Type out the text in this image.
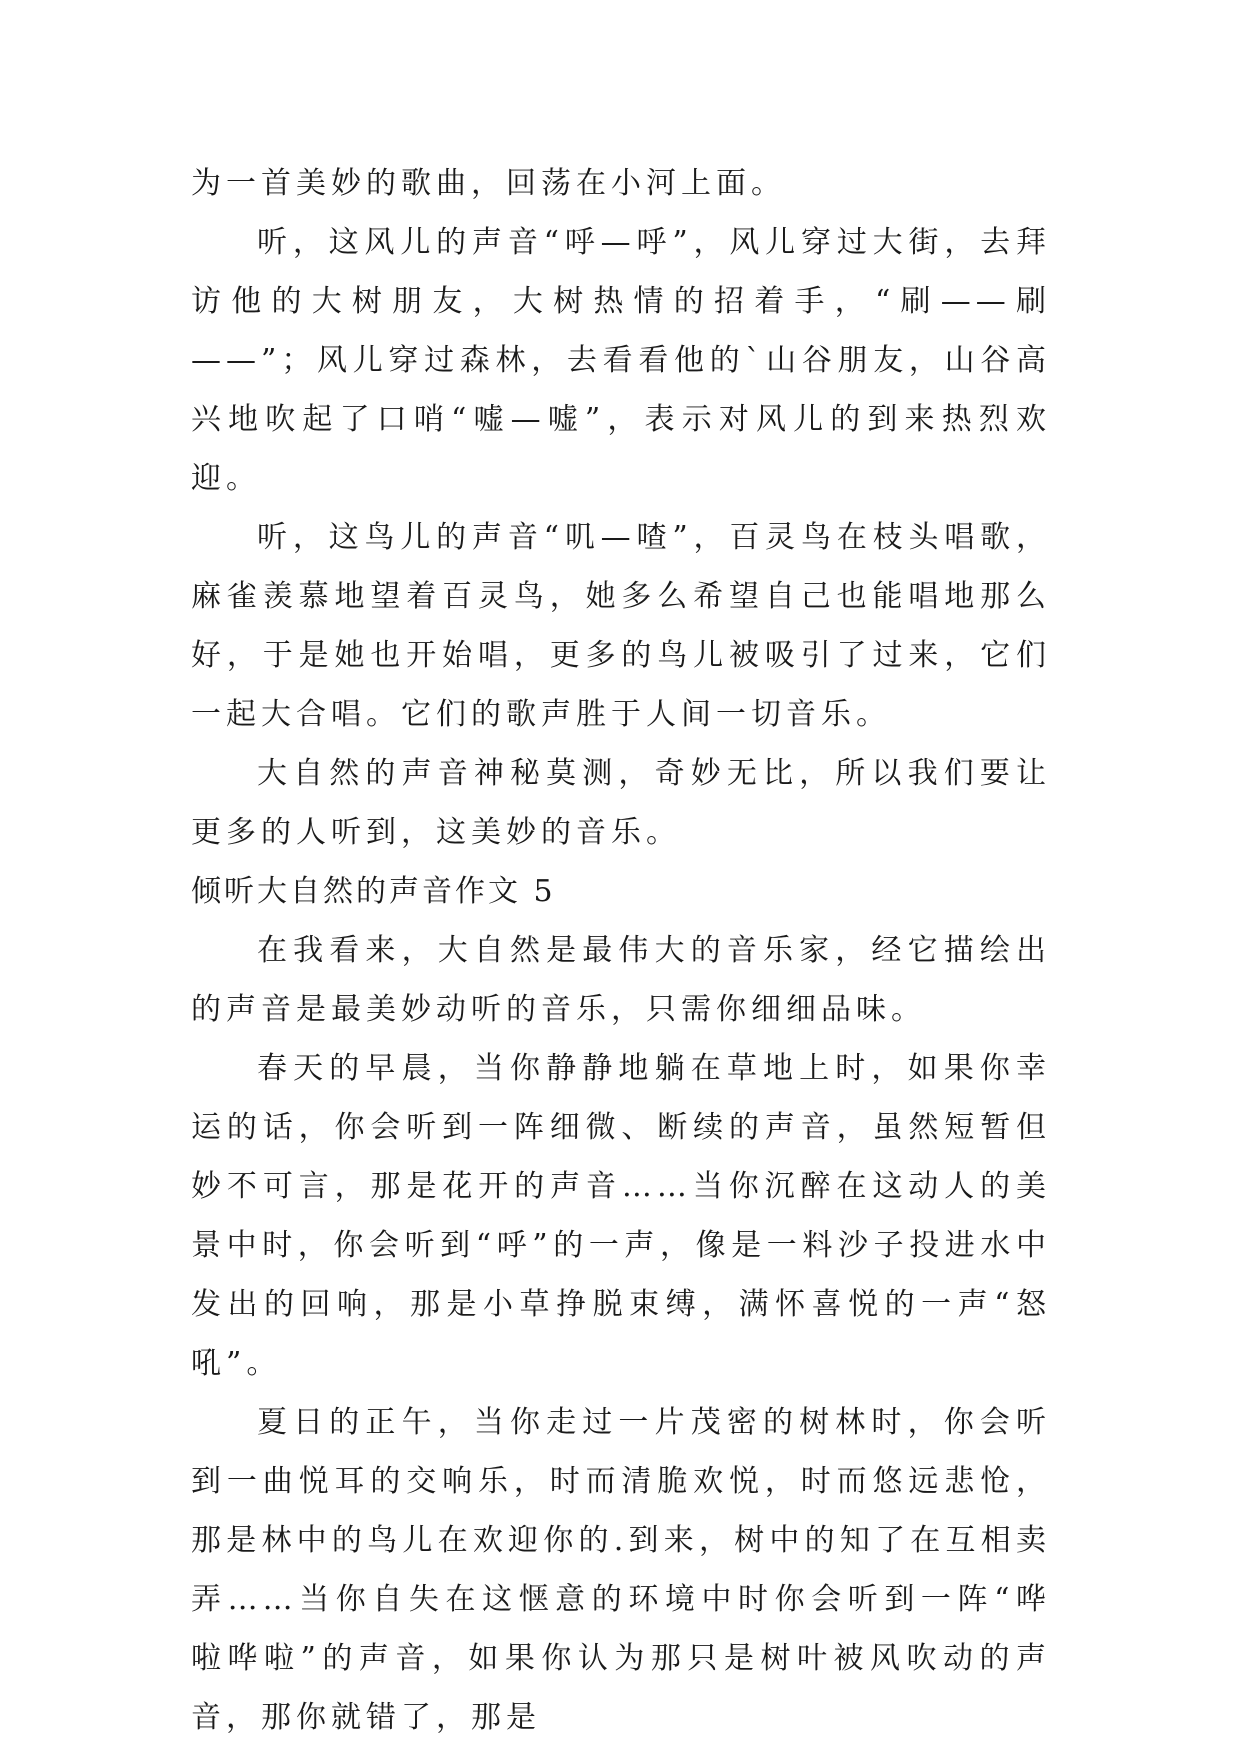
为一首美妙的歌曲，回荡在小河上面。

听，这风儿的声音“呼—呼”，风儿穿过大街，去拜访他的大树朋友，大树热情的招着手，“刷——刷——”；风儿穿过森林，去看看他的`山谷朋友，山谷高兴地吹起了口哨“嘘—嘘”，表示对风儿的到来热烈欢迎。

听，这鸟儿的声音“叽—喳”，百灵鸟在枝头唱歌，麻雀羡慕地望着百灵鸟，她多么希望自己也能唱地那么好，于是她也开始唱，更多的鸟儿被吸引了过来，它们一起大合唱。它们的歌声胜于人间一切音乐。

大自然的声音神秘莫测，奇妙无比，所以我们要让更多的人听到，这美妙的音乐。

倾听大自然的声音作文 5

在我看来，大自然是最伟大的音乐家，经它描绘出的声音是最美妙动听的音乐，只需你细细品味。

春天的早晨，当你静静地躺在草地上时，如果你幸运的话，你会听到一阵细微、断续的声音，虽然短暂但妙不可言，那是花开的声音……当你沉醉在这动人的美景中时，你会听到“呼”的一声，像是一料沙子投进水中发出的回响，那是小草挣脱束缚，满怀喜悦的一声“怒吼”。

夏日的正午，当你走过一片茂密的树林时，你会听到一曲悦耳的交响乐，时而清脆欢悦，时而悠远悲怆，那是林中的鸟儿在欢迎你的.到来，树中的知了在互相卖弄……当你自失在这惬意的环境中时你会听到一阵“哗啦哗啦”的声音，如果你认为那只是树叶被风吹动的声音，那你就错了，那是
